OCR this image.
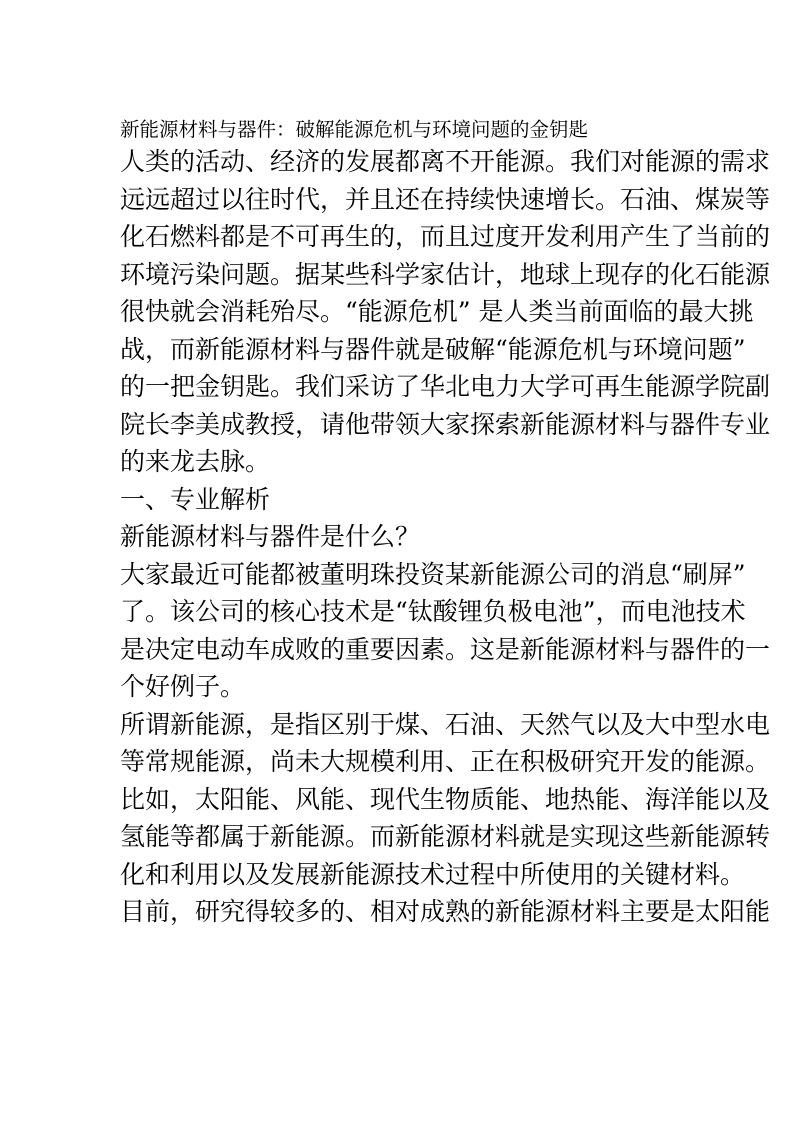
新能源材料与器件：破解能源危机与环境问题的金钥匙
人类的活动、经济的发展都离不开能源。我们对能源的需求
远远超过以往时代，并且还在持续快速增长。石油、煤炭等
化石燃料都是不可再生的，而且过度开发利用产生了当前的
环境污染问题。据某些科学家估计，地球上现存的化石能源
很快就会消耗殆尽。“能源危机” 是人类当前面临的最大挑
战，而新能源材料与器件就是破解“能源危机与环境问题”
的一把金钥匙。我们采访了华北电力大学可再生能源学院副
院长李美成教授，请他带领大家探索新能源材料与器件专业
的来龙去脉。
一、专业解析
新能源材料与器件是什么？
大家最近可能都被董明珠投资某新能源公司的消息“刷屏”
了。该公司的核心技术是“钛酸锂负极电池”，而电池技术
是决定电动车成败的重要因素。这是新能源材料与器件的一
个好例子。
所谓新能源，是指区别于煤、石油、天然气以及大中型水电
等常规能源，尚未大规模利用、正在积极研究开发的能源。
比如，太阳能、风能、现代生物质能、地热能、海洋能以及
氢能等都属于新能源。而新能源材料就是实现这些新能源转
化和利用以及发展新能源技术过程中所使用的关键材料。
目前，研究得较多的、相对成熟的新能源材料主要是太阳能
